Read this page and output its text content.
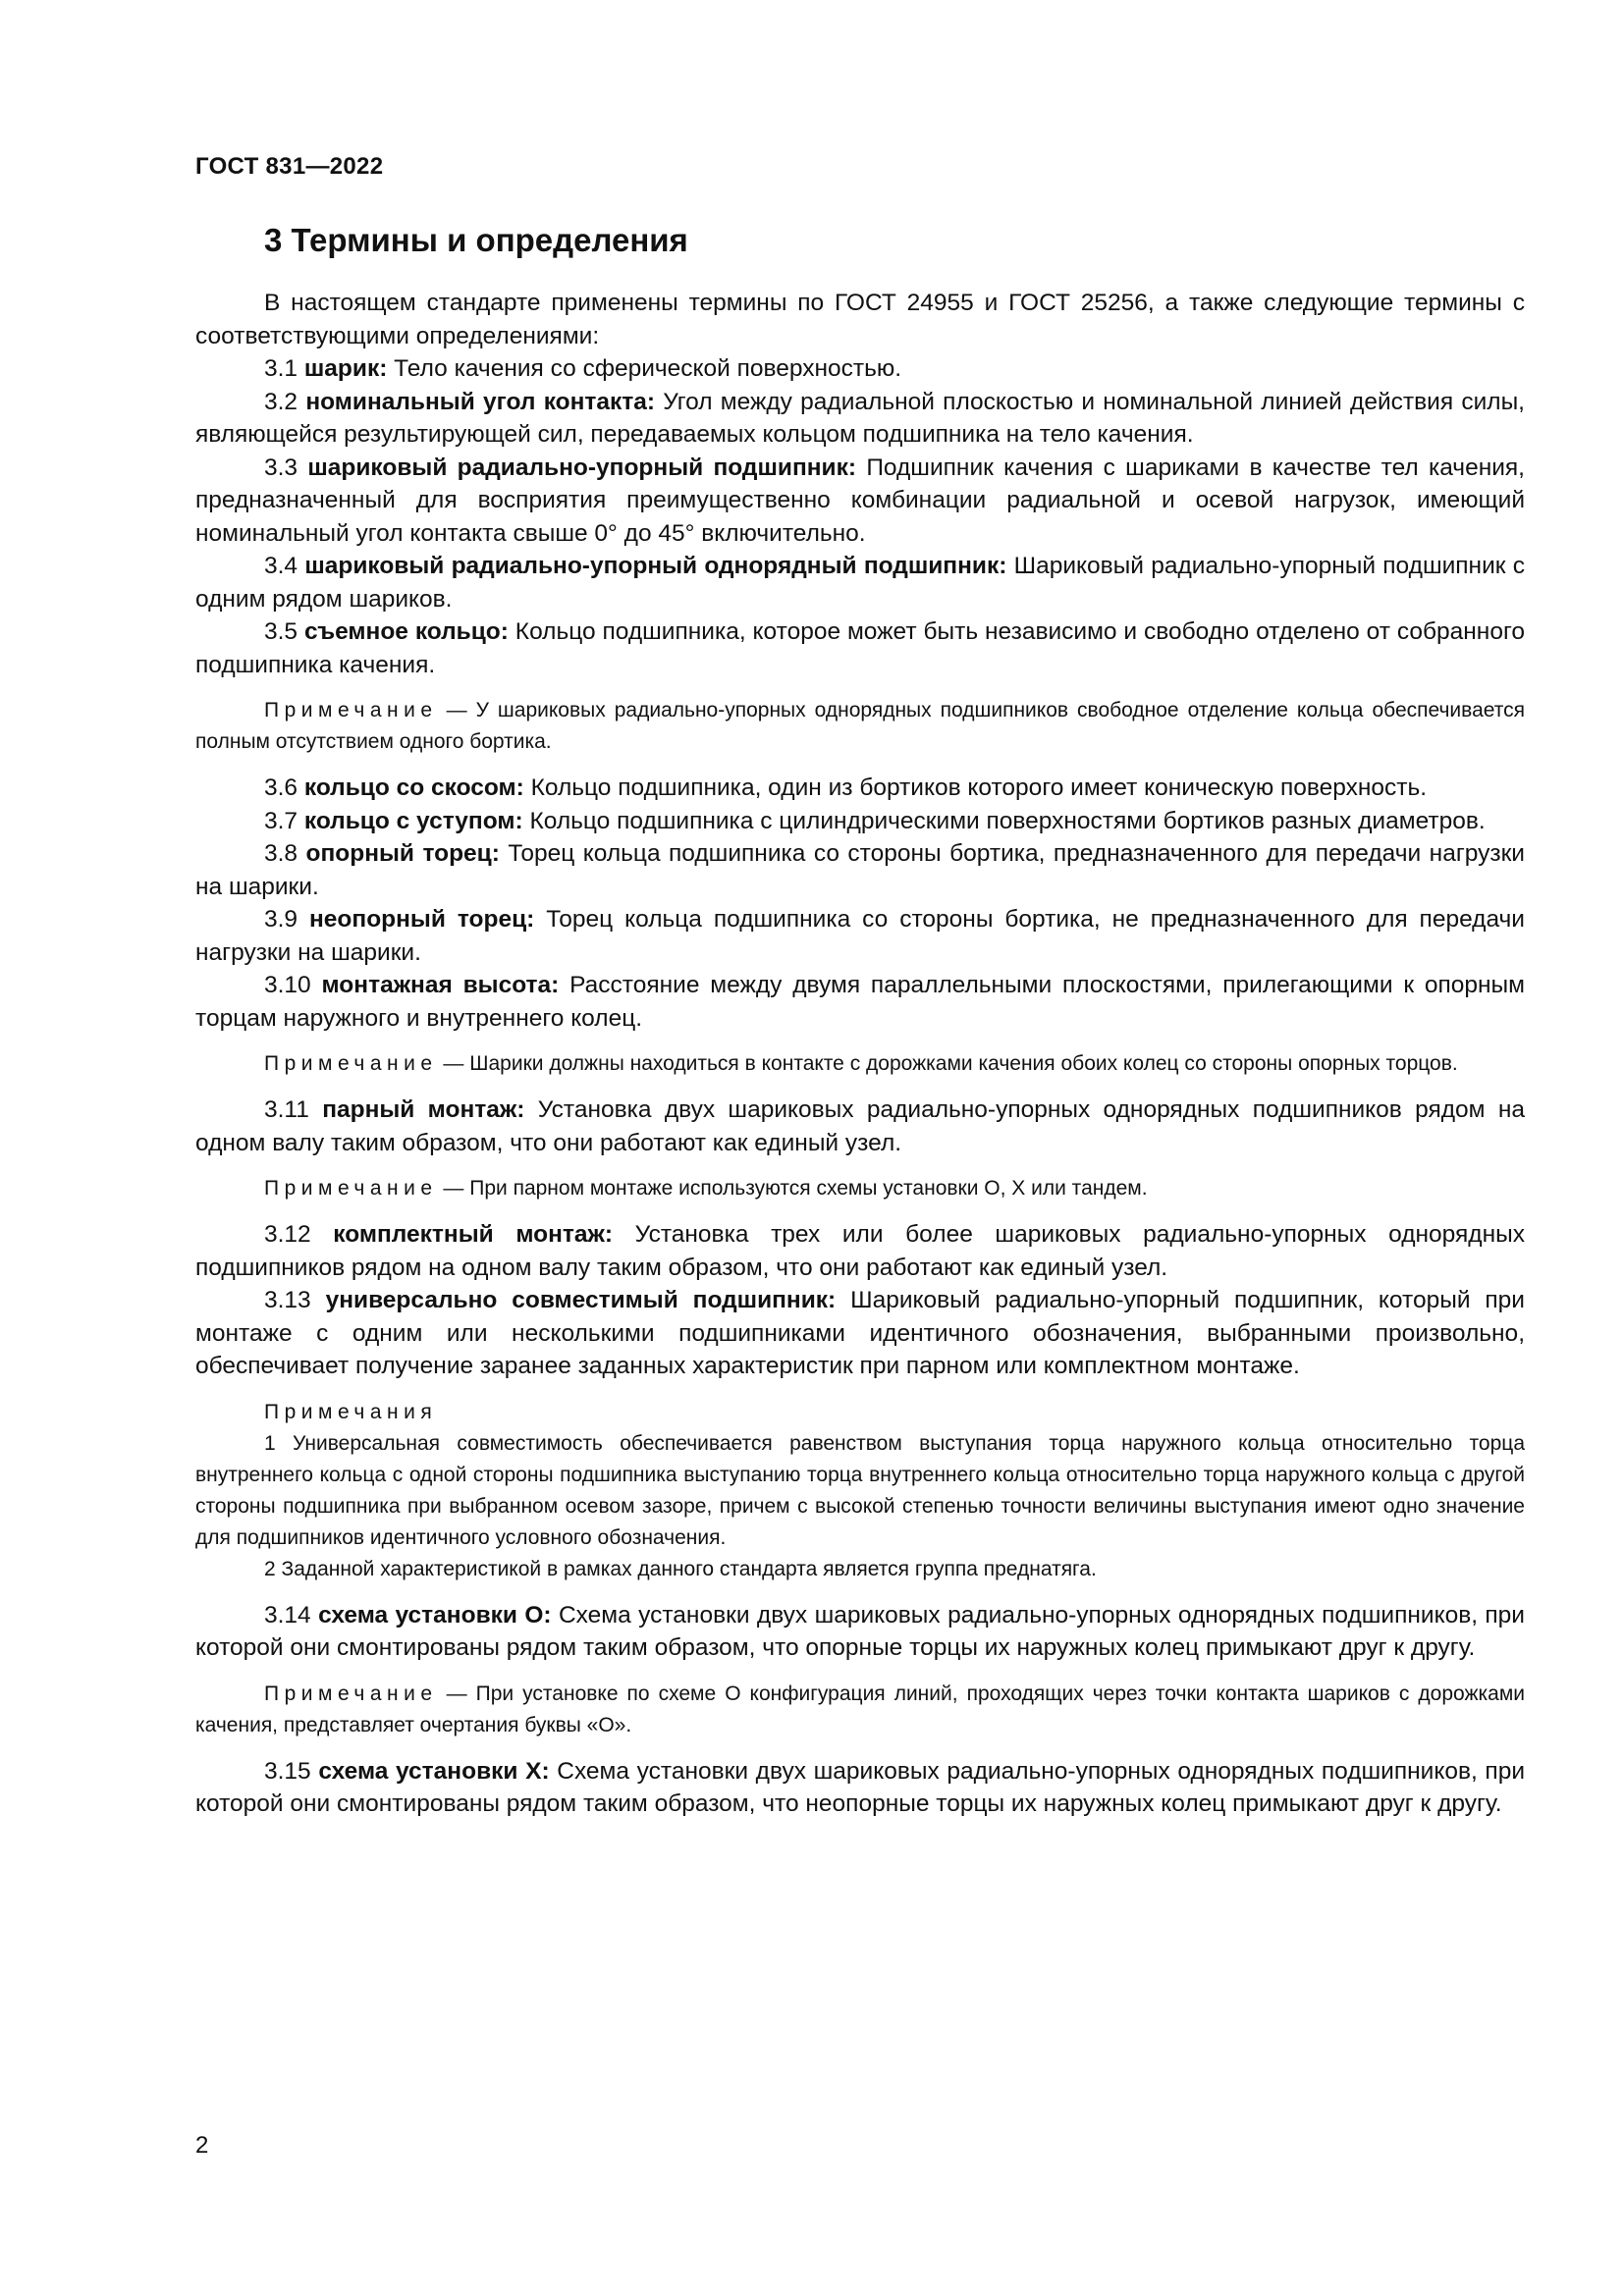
ГОСТ 831—2022
3 Термины и определения

В настоящем стандарте применены термины по ГОСТ 24955 и ГОСТ 25256, а также следующие термины с соответствующими определениями:

3.1 шарик: Тело качения со сферической поверхностью.

3.2 номинальный угол контакта: Угол между радиальной плоскостью и номинальной линией действия силы, являющейся результирующей сил, передаваемых кольцом подшипника на тело качения.

3.3 шариковый радиально-упорный подшипник: Подшипник качения с шариками в качестве тел качения, предназначенный для восприятия преимущественно комбинации радиальной и осевой нагрузок, имеющий номинальный угол контакта свыше 0° до 45° включительно.

3.4 шариковый радиально-упорный однорядный подшипник: Шариковый радиально-упорный подшипник с одним рядом шариков.

3.5 съемное кольцо: Кольцо подшипника, которое может быть независимо и свободно отделено от собранного подшипника качения.

Примечание — У шариковых радиально-упорных однорядных подшипников свободное отделение кольца обеспечивается полным отсутствием одного бортика.

3.6 кольцо со скосом: Кольцо подшипника, один из бортиков которого имеет коническую поверхность.

3.7 кольцо с уступом: Кольцо подшипника с цилиндрическими поверхностями бортиков разных диаметров.

3.8 опорный торец: Торец кольца подшипника со стороны бортика, предназначенного для передачи нагрузки на шарики.

3.9 неопорный торец: Торец кольца подшипника со стороны бортика, не предназначенного для передачи нагрузки на шарики.

3.10 монтажная высота: Расстояние между двумя параллельными плоскостями, прилегающими к опорным торцам наружного и внутреннего колец.

Примечание — Шарики должны находиться в контакте с дорожками качения обоих колец со стороны опорных торцов.

3.11 парный монтаж: Установка двух шариковых радиально-упорных однорядных подшипников рядом на одном валу таким образом, что они работают как единый узел.

Примечание — При парном монтаже используются схемы установки О, X или тандем.

3.12 комплектный монтаж: Установка трех или более шариковых радиально-упорных однорядных подшипников рядом на одном валу таким образом, что они работают как единый узел.

3.13 универсально совместимый подшипник: Шариковый радиально-упорный подшипник, который при монтаже с одним или несколькими подшипниками идентичного обозначения, выбранными произвольно, обеспечивает получение заранее заданных характеристик при парном или комплектном монтаже.

Примечания

1 Универсальная совместимость обеспечивается равенством выступания торца наружного кольца относительно торца внутреннего кольца с одной стороны подшипника выступанию торца внутреннего кольца относительно торца наружного кольца с другой стороны подшипника при выбранном осевом зазоре, причем с высокой степенью точности величины выступания имеют одно значение для подшипников идентичного условного обозначения.

2 Заданной характеристикой в рамках данного стандарта является группа преднатяга.

3.14 схема установки О: Схема установки двух шариковых радиально-упорных однорядных подшипников, при которой они смонтированы рядом таким образом, что опорные торцы их наружных колец примыкают друг к другу.

Примечание — При установке по схеме О конфигурация линий, проходящих через точки контакта шариков с дорожками качения, представляет очертания буквы «О».

3.15 схема установки X: Схема установки двух шариковых радиально-упорных однорядных подшипников, при которой они смонтированы рядом таким образом, что неопорные торцы их наружных колец примыкают друг к другу.

2
